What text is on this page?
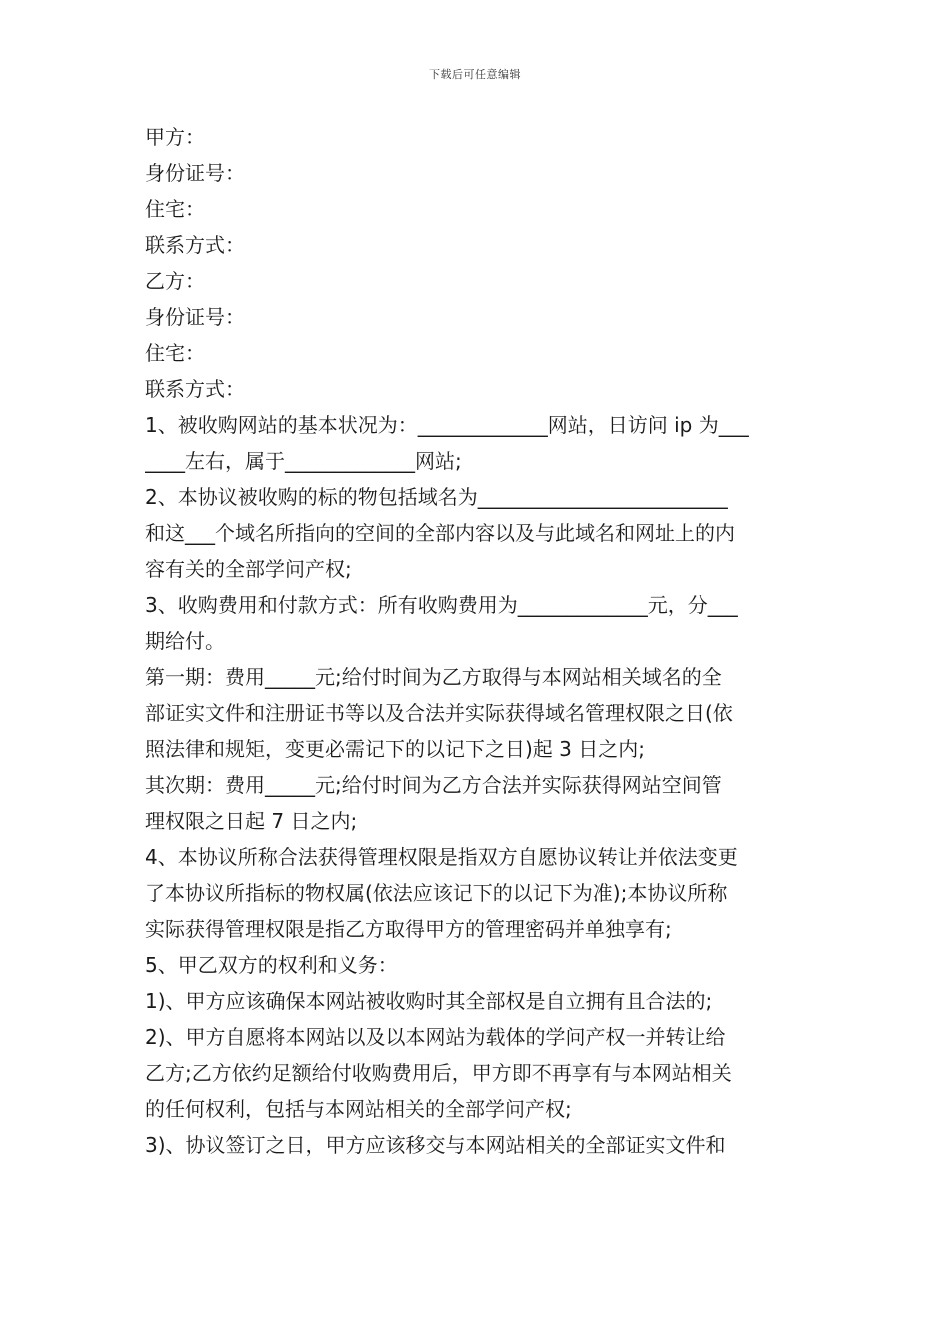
下载后可任意编辑
甲方：
身份证号：
住宅：
联系方式：
乙方：
身份证号：
住宅：
联系方式：
1、被收购网站的基本状况为：_____________网站，日访问 ip 为___
____左右，属于_____________网站;
2、本协议被收购的标的物包括域名为_________________________
和这___个域名所指向的空间的全部内容以及与此域名和网址上的内
容有关的全部学问产权;
3、收购费用和付款方式：所有收购费用为_____________元，分___
期给付。
第一期：费用_____元;给付时间为乙方取得与本网站相关域名的全
部证实文件和注册证书等以及合法并实际获得域名管理权限之日(依
照法律和规矩，变更必需记下的以记下之日)起 3 日之内;
其次期：费用_____元;给付时间为乙方合法并实际获得网站空间管
理权限之日起 7 日之内;
4、本协议所称合法获得管理权限是指双方自愿协议转让并依法变更
了本协议所指标的物权属(依法应该记下的以记下为准);本协议所称
实际获得管理权限是指乙方取得甲方的管理密码并单独享有;
5、甲乙双方的权利和义务：
1)、甲方应该确保本网站被收购时其全部权是自立拥有且合法的;
2)、甲方自愿将本网站以及以本网站为载体的学问产权一并转让给
乙方;乙方依约足额给付收购费用后，甲方即不再享有与本网站相关
的任何权利，包括与本网站相关的全部学问产权;
3)、协议签订之日，甲方应该移交与本网站相关的全部证实文件和
